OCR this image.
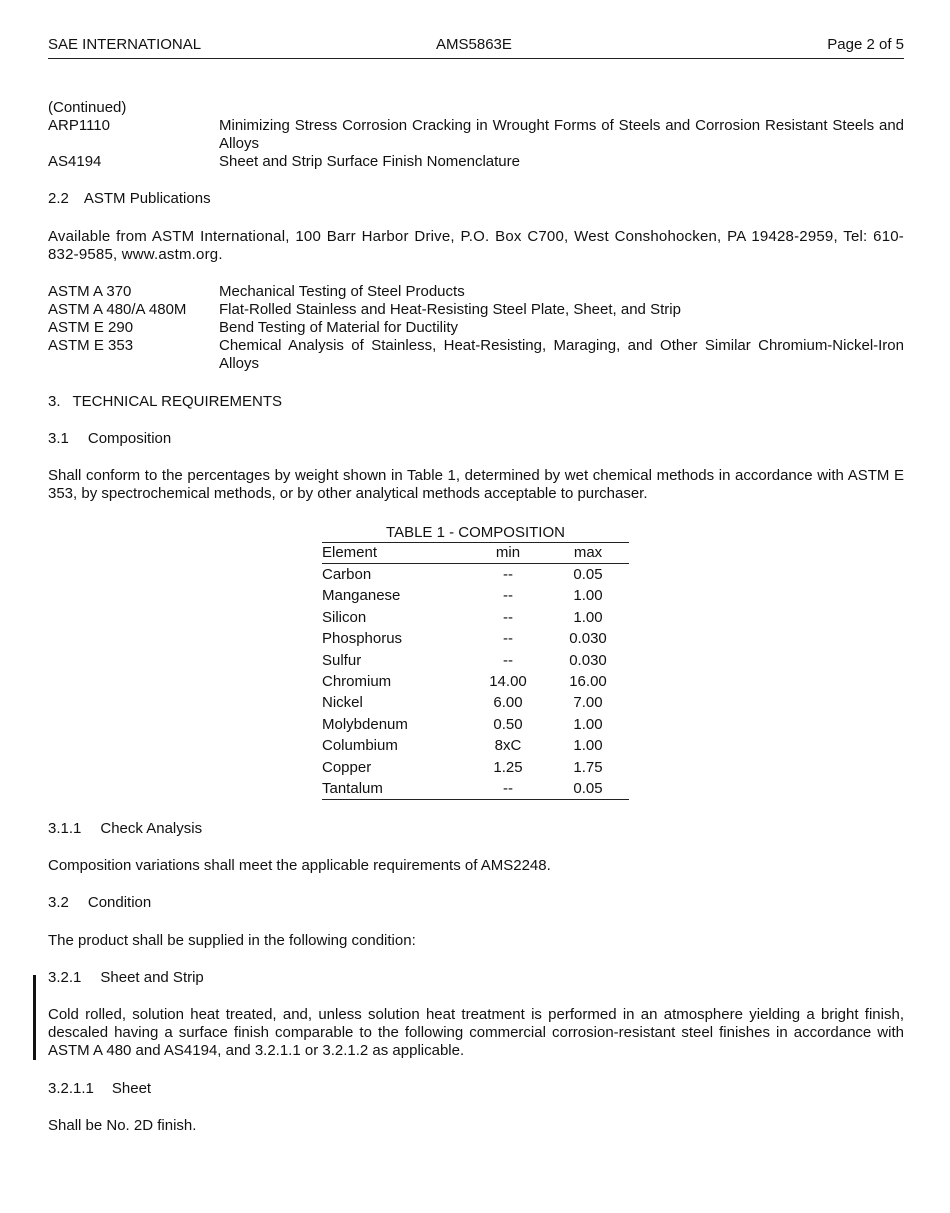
SAE INTERNATIONAL	AMS5863E	Page 2 of 5
(Continued)
ARP1110	Minimizing Stress Corrosion Cracking in Wrought Forms of Steels and Corrosion Resistant Steels and Alloys
AS4194	Sheet and Strip Surface Finish Nomenclature
2.2 ASTM Publications
Available from ASTM International, 100 Barr Harbor Drive, P.O. Box C700, West Conshohocken, PA 19428-2959, Tel: 610-832-9585, www.astm.org.
ASTM A 370	Mechanical Testing of Steel Products
ASTM A 480/A 480M Flat-Rolled Stainless and Heat-Resisting Steel Plate, Sheet, and Strip
ASTM E 290	Bend Testing of Material for Ductility
ASTM E 353	Chemical Analysis of Stainless, Heat-Resisting, Maraging, and Other Similar Chromium-Nickel-Iron Alloys
3. TECHNICAL REQUIREMENTS
3.1 Composition
Shall conform to the percentages by weight shown in Table 1, determined by wet chemical methods in accordance with ASTM E 353, by spectrochemical methods, or by other analytical methods acceptable to purchaser.
TABLE 1 - COMPOSITION
Element	min	max
Carbon	--	0.05
Manganese	--	1.00
Silicon	--	1.00
Phosphorus	--	0.030
Sulfur	--	0.030
Chromium	14.00	16.00
Nickel	6.00	7.00
Molybdenum	0.50	1.00
Columbium	8xC	1.00
Copper	1.25	1.75
Tantalum	--	0.05
3.1.1 Check Analysis
Composition variations shall meet the applicable requirements of AMS2248.
3.2 Condition
The product shall be supplied in the following condition:
3.2.1 Sheet and Strip
Cold rolled, solution heat treated, and, unless solution heat treatment is performed in an atmosphere yielding a bright finish, descaled having a surface finish comparable to the following commercial corrosion-resistant steel finishes in accordance with ASTM A 480 and AS4194, and 3.2.1.1 or 3.2.1.2 as applicable.
3.2.1.1 Sheet
Shall be No. 2D finish.
